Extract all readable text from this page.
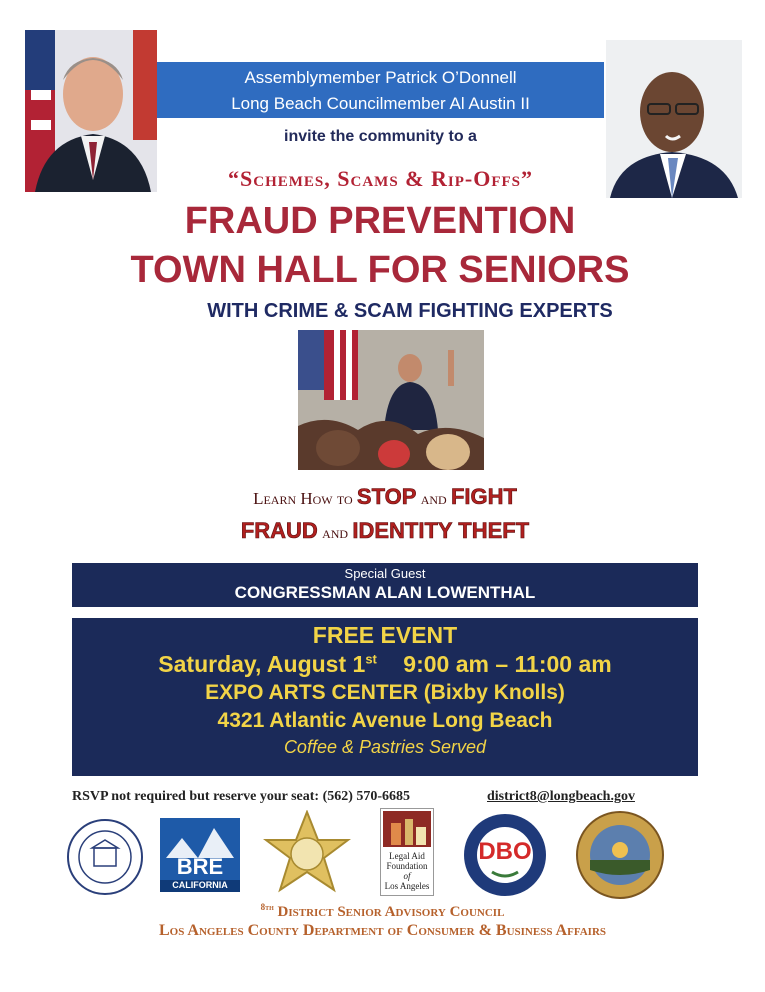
Assemblymember Patrick O’Donnell
Long Beach Councilmember Al Austin II
invite the community to a
“Schemes, Scams & Rip-Offs”
FRAUD PREVENTION
TOWN HALL FOR SENIORS
WITH CRIME & SCAM FIGHTING EXPERTS
Learn How to STOP and FIGHT
FRAUD and IDENTITY THEFT
Special Guest
CONGRESSMAN ALAN LOWENTHAL
FREE EVENT
Saturday, August 1st 9:00 am – 11:00 am
EXPO ARTS CENTER (Bixby Knolls)
4321 Atlantic Avenue Long Beach
Coffee & Pastries Served
RSVP not required but reserve your seat: (562) 570-6685	district8@longbeach.gov
BRE
CALIFORNIA
Legal Aid
Foundation
of
Los Angeles
DBO
$^{8th}$ District Senior Advisory Council
Los Angeles County Department of Consumer & Business Affairs
